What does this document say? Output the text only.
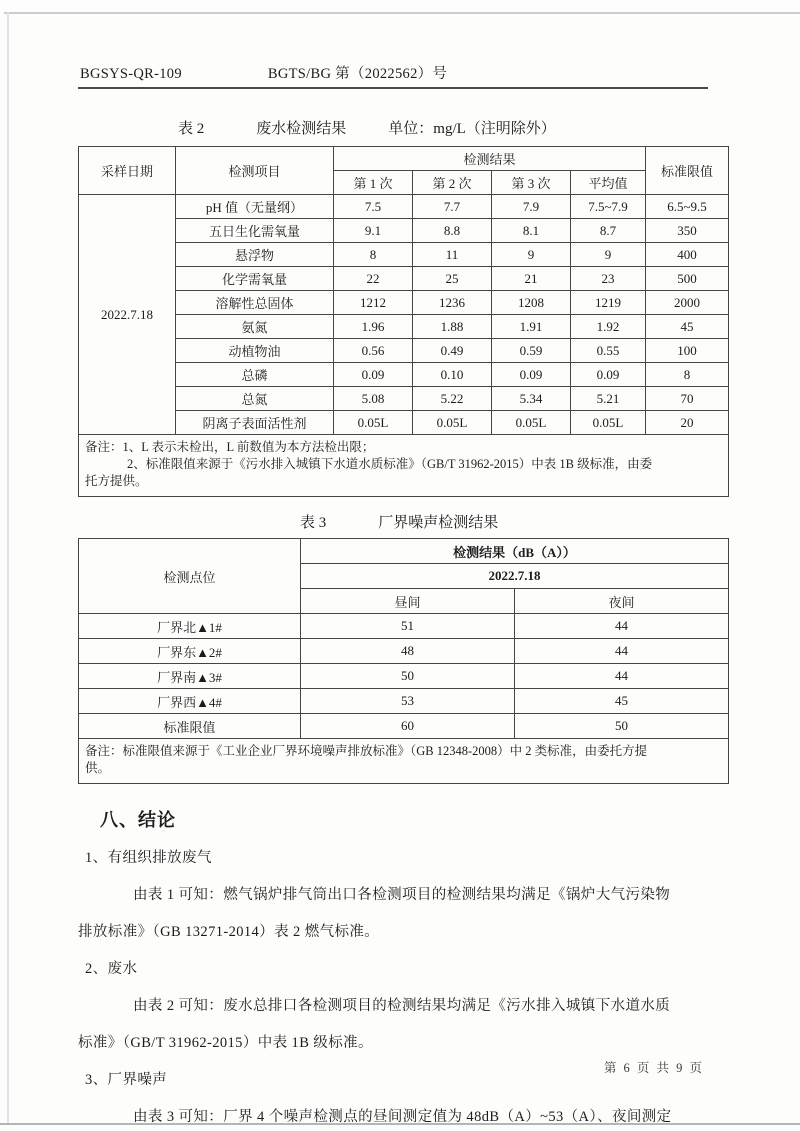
BGSYS-QR-109	BGTS/BG 第（2022562）号
表 2	废水检测结果	单位：mg/L（注明除外）
采样日期	检测项目	检测结果				标准限值
		第 1 次	第 2 次	第 3 次	平均值	
2022.7.18	pH 值（无量纲）	7.5	7.7	7.9	7.5~7.9	6.5~9.5
	五日生化需氧量	9.1	8.8	8.1	8.7	350
	悬浮物	8	11	9	9	400
	化学需氧量	22	25	21	23	500
	溶解性总固体	1212	1236	1208	1219	2000
	氨氮	1.96	1.88	1.91	1.92	45
	动植物油	0.56	0.49	0.59	0.55	100
	总磷	0.09	0.10	0.09	0.09	8
	总氮	5.08	5.22	5.34	5.21	70
	阴离子表面活性剂	0.05L	0.05L	0.05L	0.05L	20

备注：1、L 表示未检出，L 前数值为本方法检出限；
2、标准限值来源于《污水排入城镇下水道水质标准》（GB/T 31962-2015）中表 1B 级标准，由委
托方提供。						
表 3	厂界噪声检测结果
检测点位	检测结果（dB（A））	
	2022.7.18	
	昼间	夜间
厂界北▲1#	51	44
厂界东▲2#	48	44
厂界南▲3#	50	44
厂界西▲4#	53	45
标准限值	60	50

备注：标准限值来源于《工业企业厂界环境噪声排放标准》（GB 12348-2008）中 2 类标准，由委托方提
供。		
八、结论
1、有组织排放废气
由表 1 可知：燃气锅炉排气筒出口各检测项目的检测结果均满足《锅炉大气污染物
排放标准》（GB 13271-2014）表 2 燃气标准。
2、废水
由表 2 可知：废水总排口各检测项目的检测结果均满足《污水排入城镇下水道水质
标准》（GB/T 31962-2015）中表 1B 级标准。
3、厂界噪声
由表 3 可知：厂界 4 个噪声检测点的昼间测定值为 48dB（A）~53（A）、夜间测定
第 6 页 共 9 页
